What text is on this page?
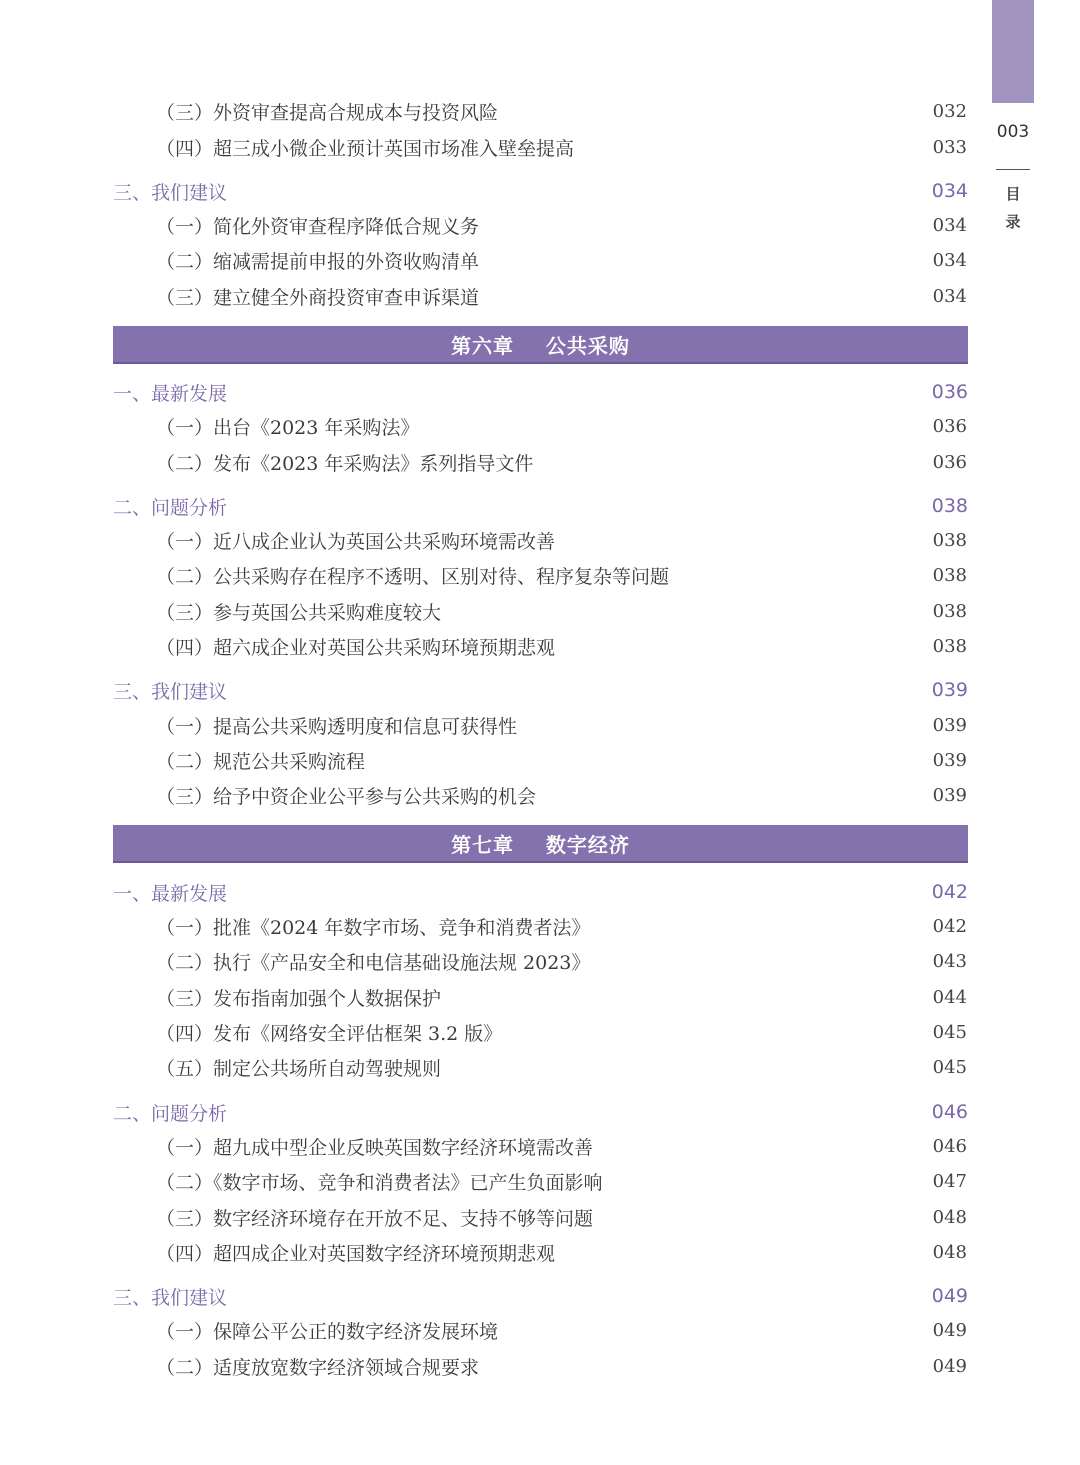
003
目
录
（三）外资审查提高合规成本与投资风险	032
（四）超三成小微企业预计英国市场准入壁垒提高	033
三、我们建议	034
（一）简化外资审查程序降低合规义务	034
（二）缩减需提前申报的外资收购清单	034
（三）建立健全外商投资审查申诉渠道	034
第六章    公共采购
一、最新发展	036
（一）出台《2023 年采购法》	036
（二）发布《2023 年采购法》系列指导文件	036
二、问题分析	038
（一）近八成企业认为英国公共采购环境需改善	038
（二）公共采购存在程序不透明、区别对待、程序复杂等问题	038
（三）参与英国公共采购难度较大	038
（四）超六成企业对英国公共采购环境预期悲观	038
三、我们建议	039
（一）提高公共采购透明度和信息可获得性	039
（二）规范公共采购流程	039
（三）给予中资企业公平参与公共采购的机会	039
第七章    数字经济
一、最新发展	042
（一）批准《2024 年数字市场、竞争和消费者法》	042
（二）执行《产品安全和电信基础设施法规 2023》	043
（三）发布指南加强个人数据保护	044
（四）发布《网络安全评估框架 3.2 版》	045
（五）制定公共场所自动驾驶规则	045
二、问题分析	046
（一）超九成中型企业反映英国数字经济环境需改善	046
（二）《数字市场、竞争和消费者法》已产生负面影响	047
（三）数字经济环境存在开放不足、支持不够等问题	048
（四）超四成企业对英国数字经济环境预期悲观	048
三、我们建议	049
（一）保障公平公正的数字经济发展环境	049
（二）适度放宽数字经济领域合规要求	049
